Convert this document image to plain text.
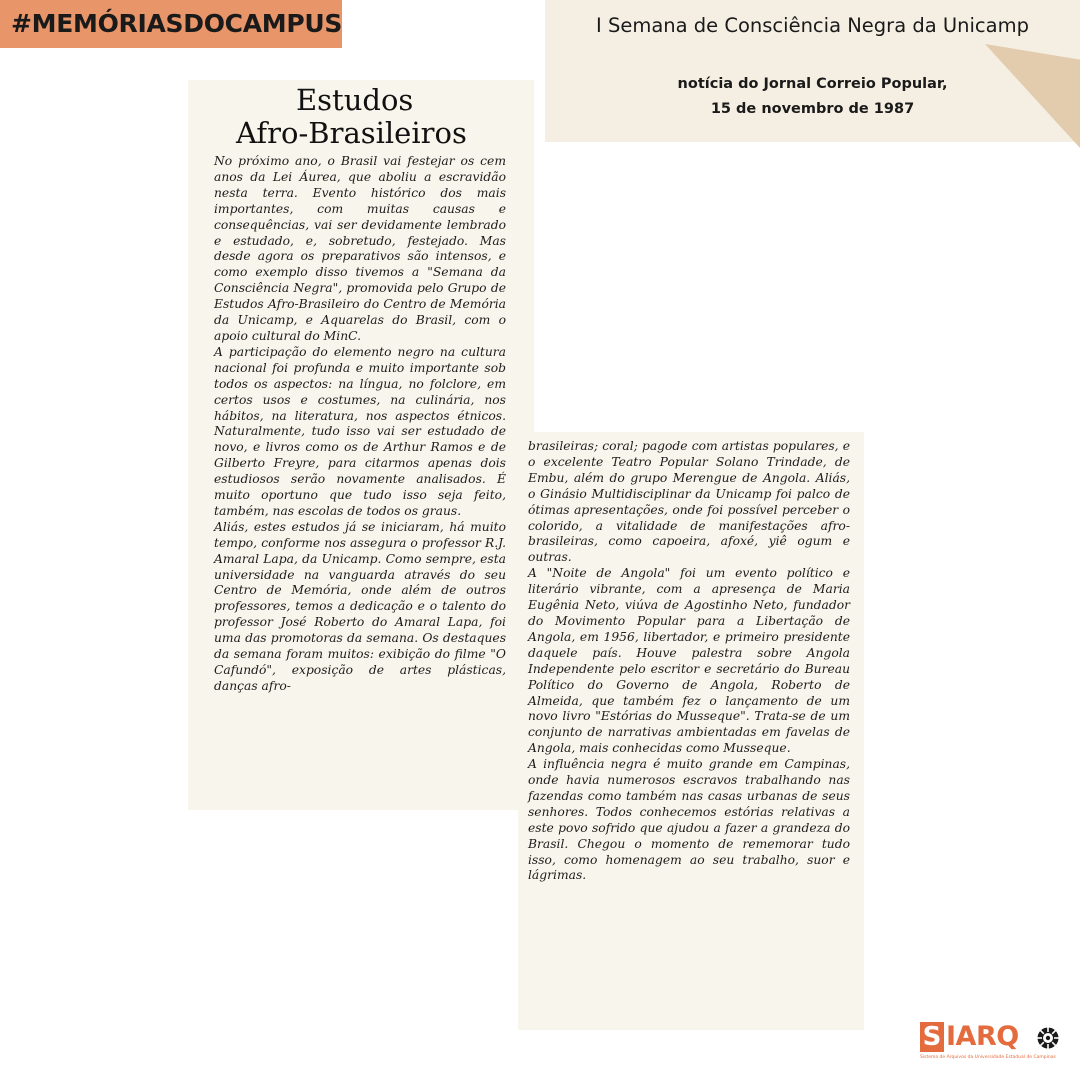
#MEMÓRIASDOCAMPUS	I Semana de Consciência Negra da Unicamp
notícia do Jornal Correio Popular,
15 de novembro de 1987
Estudos
Afro-Brasileiros

No próximo ano, o Brasil vai festejar os cem anos da Lei Áurea, que aboliu a escravidão nesta terra. Evento histórico dos mais importantes, com muitas causas e consequências, vai ser devidamente lembrado e estudado, e, sobretudo, festejado. Mas desde agora os preparativos são intensos, e como exemplo disso tivemos a "Semana da Consciência Negra", promovida pelo Grupo de Estudos Afro-Brasileiro do Centro de Memória da Unicamp, e Aquarelas do Brasil, com o apoio cultural do MinC.
A participação do elemento negro na cultura nacional foi profunda e muito importante sob todos os aspectos: na língua, no folclore, em certos usos e costumes, na culinária, nos hábitos, na literatura, nos aspectos étnicos. Naturalmente, tudo isso vai ser estudado de novo, e livros como os de Arthur Ramos e de Gilberto Freyre, para citarmos apenas dois estudiosos serão novamente analisados. É muito oportuno que tudo isso seja feito, também, nas escolas de todos os graus.
Aliás, estes estudos já se iniciaram, há muito tempo, conforme nos assegura o professor R.J. Amaral Lapa, da Unicamp. Como sempre, esta universidade na vanguarda através do seu Centro de Memória, onde além de outros professores, temos a dedicação e o talento do professor José Roberto do Amaral Lapa, foi uma das promotoras da semana. Os destaques da semana foram muitos: exibição do filme "O Cafundó", exposição de artes plásticas, danças afro-

brasileiras; coral; pagode com artistas populares, e o excelente Teatro Popular Solano Trindade, de Embu, além do grupo Merengue de Angola. Aliás, o Ginásio Multidisciplinar da Unicamp foi palco de ótimas apresentações, onde foi possível perceber o colorido, a vitalidade de manifestações afro-brasileiras, como capoeira, afoxé, yiê ogum e outras.
A "Noite de Angola" foi um evento político e literário vibrante, com a apresença de Maria Eugênia Neto, viúva de Agostinho Neto, fundador do Movimento Popular para a Libertação de Angola, em 1956, libertador, e primeiro presidente daquele país. Houve palestra sobre Angola Independente pelo escritor e secretário do Bureau Político do Governo de Angola, Roberto de Almeida, que também fez o lançamento de um novo livro "Estórias do Musseque". Trata-se de um conjunto de narrativas ambientadas em favelas de Angola, mais conhecidas como Musseque.
A influência negra é muito grande em Campinas, onde havia numerosos escravos trabalhando nas fazendas como também nas casas urbanas de seus senhores. Todos conhecemos estórias relativas a este povo sofrido que ajudou a fazer a grandeza do Brasil. Chegou o momento de rememorar tudo isso, como homenagem ao seu trabalho, suor e lágrimas.

S IARQ
Sistema de Arquivos da Universidade Estadual de Campinas
